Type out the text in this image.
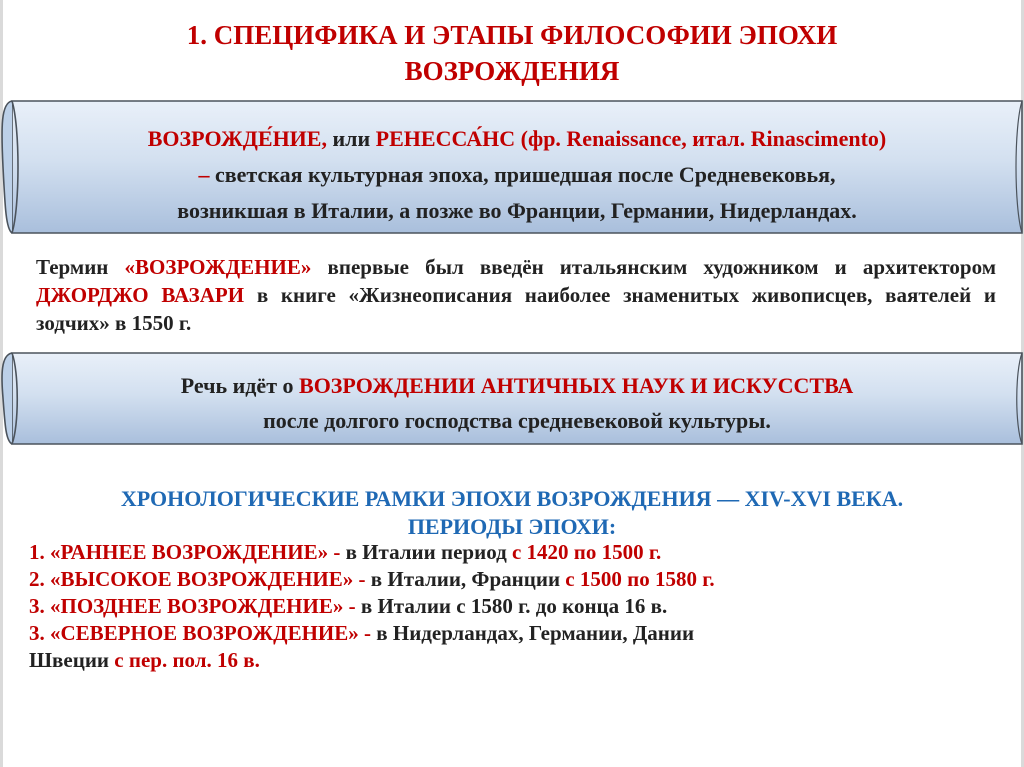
1. СПЕЦИФИКА И ЭТАПЫ ФИЛОСОФИИ ЭПОХИ
ВОЗРОЖДЕНИЯ
ВОЗРОЖДЕ́НИЕ, или РЕНЕССА́НС (фр. Renaissance, итал. Rinascimento)
– светская культурная эпоха, пришедшая после Средневековья,
возникшая в Италии, а позже во Франции, Германии, Нидерландах.
Термин «ВОЗРОЖДЕНИЕ» впервые был введён итальянским художником и архитектором ДЖОРДЖО ВАЗАРИ в книге «Жизнеописания наиболее знаменитых живописцев, ваятелей и зодчих» в 1550 г.
Речь идёт о ВОЗРОЖДЕНИИ АНТИЧНЫХ НАУК И ИСКУССТВА
после долгого господства средневековой культуры.
ХРОНОЛОГИЧЕСКИЕ РАМКИ ЭПОХИ ВОЗРОЖДЕНИЯ — XIV-XVI ВЕКА.
ПЕРИОДЫ ЭПОХИ:
1. «РАННЕЕ ВОЗРОЖДЕНИЕ» - в Италии период с 1420 по 1500 г.
2. «ВЫСОКОЕ ВОЗРОЖДЕНИЕ» - в Италии, Франции с 1500 по 1580 г.
3. «ПОЗДНЕЕ ВОЗРОЖДЕНИЕ» - в Италии с 1580 г. до конца 16 в.
3. «СЕВЕРНОЕ ВОЗРОЖДЕНИЕ» - в Нидерландах, Германии, Дании
Швеции с пер. пол. 16 в.
